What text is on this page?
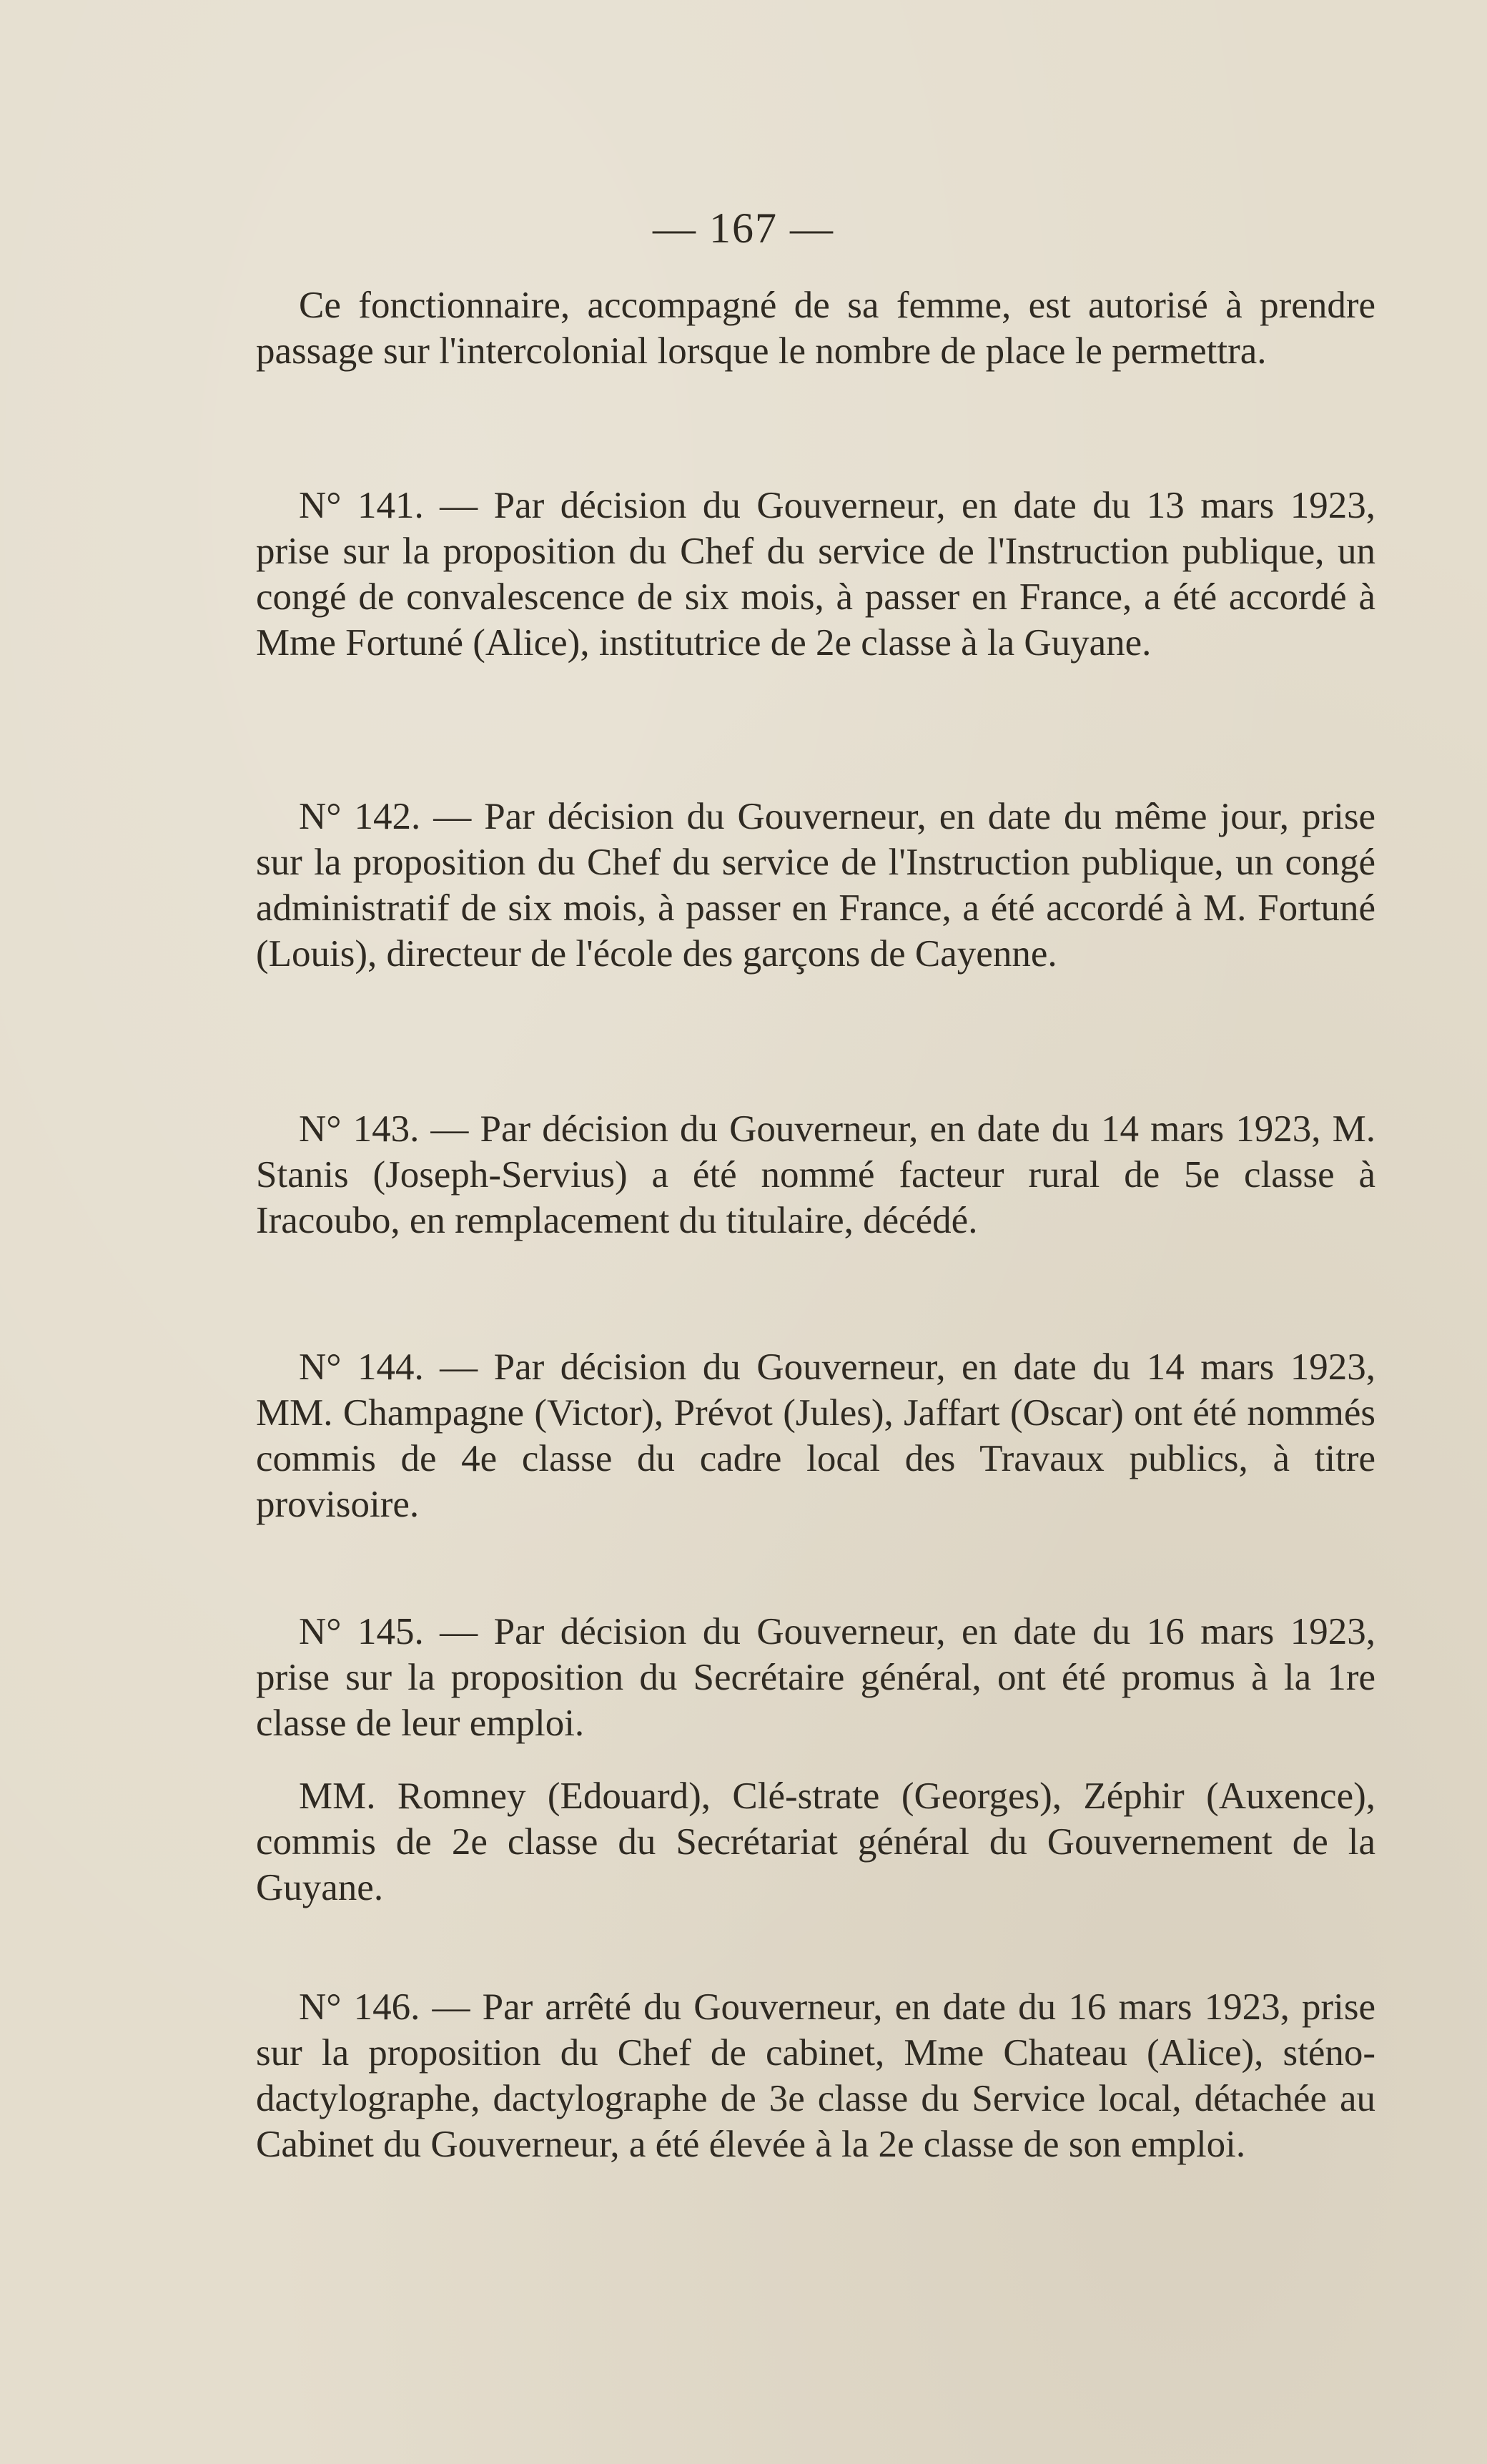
— 167 —

Ce fonctionnaire, accompagné de sa femme, est autorisé à prendre passage sur l'intercolonial lorsque le nombre de place le permettra.

N° 141. — Par décision du Gouverneur, en date du 13 mars 1923, prise sur la proposition du Chef du service de l'Instruction publique, un congé de convalescence de six mois, à passer en France, a été accordé à Mme Fortuné (Alice), institutrice de 2e classe à la Guyane.

N° 142. — Par décision du Gouverneur, en date du même jour, prise sur la proposition du Chef du service de l'Instruction publique, un congé administratif de six mois, à passer en France, a été accordé à M. Fortuné (Louis), directeur de l'école des garçons de Cayenne.

N° 143. — Par décision du Gouverneur, en date du 14 mars 1923, M. Stanis (Joseph-Servius) a été nommé facteur rural de 5e classe à Iracoubo, en remplacement du titulaire, décédé.

N° 144. — Par décision du Gouverneur, en date du 14 mars 1923, MM. Champagne (Victor), Prévot (Jules), Jaffart (Oscar) ont été nommés commis de 4e classe du cadre local des Travaux publics, à titre provisoire.

N° 145. — Par décision du Gouverneur, en date du 16 mars 1923, prise sur la proposition du Secrétaire général, ont été promus à la 1re classe de leur emploi.

MM. Romney (Edouard), Clé-strate (Georges), Zéphir (Auxence), commis de 2e classe du Secrétariat général du Gouvernement de la Guyane.

N° 146. — Par arrêté du Gouverneur, en date du 16 mars 1923, prise sur la proposition du Chef de cabinet, Mme Chateau (Alice), sténo-dactylographe, dactylographe de 3e classe du Service local, détachée au Cabinet du Gouverneur, a été élevée à la 2e classe de son emploi.
